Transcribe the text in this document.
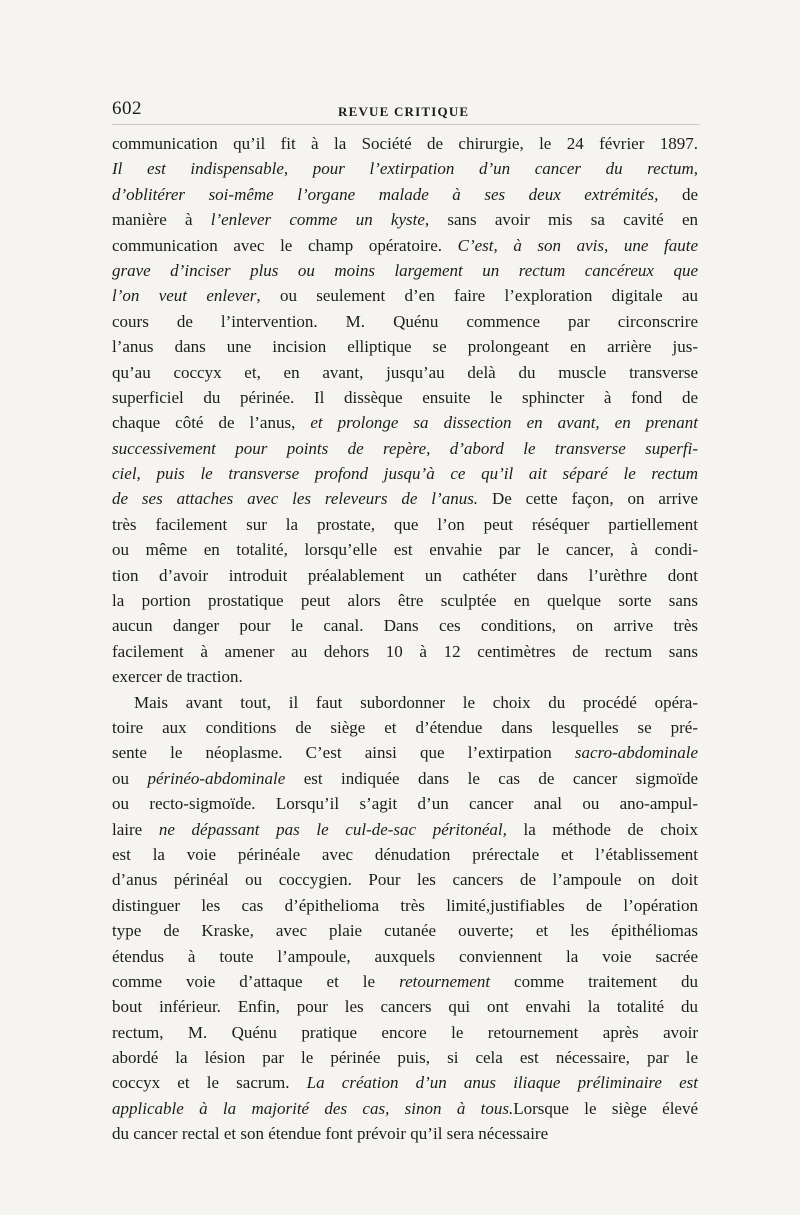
602	REVUE CRITIQUE
communication qu’il fit à la Société de chirurgie, le 24 février 1897.
Il est indispensable, pour l’extirpation d’un cancer du rectum,
d’oblitérer soi-même l’organe malade à ses deux extrémités, de
manière à l’enlever comme un kyste, sans avoir mis sa cavité en
communication avec le champ opératoire. C’est, à son avis, une faute
grave d’inciser plus ou moins largement un rectum cancéreux que
l’on veut enlever, ou seulement d’en faire l’exploration digitale au
cours de l’intervention. M. Quénu commence par circonscrire
l’anus dans une incision elliptique se prolongeant en arrière jus-
qu’au coccyx et, en avant, jusqu’au delà du muscle transverse
superficiel du périnée. Il dissèque ensuite le sphincter à fond de
chaque côté de l’anus, et prolonge sa dissection en avant, en prenant
successivement pour points de repère, d’abord le transverse superfi-
ciel, puis le transverse profond jusqu’à ce qu’il ait séparé le rectum
de ses attaches avec les releveurs de l’anus. De cette façon, on arrive
très facilement sur la prostate, que l’on peut réséquer partiellement
ou même en totalité, lorsqu’elle est envahie par le cancer, à condi-
tion d’avoir introduit préalablement un cathéter dans l’urèthre dont
la portion prostatique peut alors être sculptée en quelque sorte sans
aucun danger pour le canal. Dans ces conditions, on arrive très
facilement à amener au dehors 10 à 12 centimètres de rectum sans
exercer de traction.
Mais avant tout, il faut subordonner le choix du procédé opéra-
toire aux conditions de siège et d’étendue dans lesquelles se pré-
sente le néoplasme. C’est ainsi que l’extirpation sacro-abdominale
ou périnéo-abdominale est indiquée dans le cas de cancer sigmoïde
ou recto-sigmoïde. Lorsqu’il s’agit d’un cancer anal ou ano-ampul-
laire ne dépassant pas le cul-de-sac péritonéal, la méthode de choix
est la voie périnéale avec dénudation prérectale et l’établissement
d’anus périnéal ou coccygien. Pour les cancers de l’ampoule on doit
distinguer les cas d’épithelioma très limité,justifiables de l’opération
type de Kraske, avec plaie cutanée ouverte; et les épithéliomas
étendus à toute l’ampoule, auxquels conviennent la voie sacrée
comme voie d’attaque et le retournement comme traitement du
bout inférieur. Enfin, pour les cancers qui ont envahi la totalité du
rectum, M. Quénu pratique encore le retournement après avoir
abordé la lésion par le périnée puis, si cela est nécessaire, par le
coccyx et le sacrum. La création d’un anus iliaque préliminaire est
applicable à la majorité des cas, sinon à tous.Lorsque le siège élevé
du cancer rectal et son étendue font prévoir qu’il sera nécessaire
